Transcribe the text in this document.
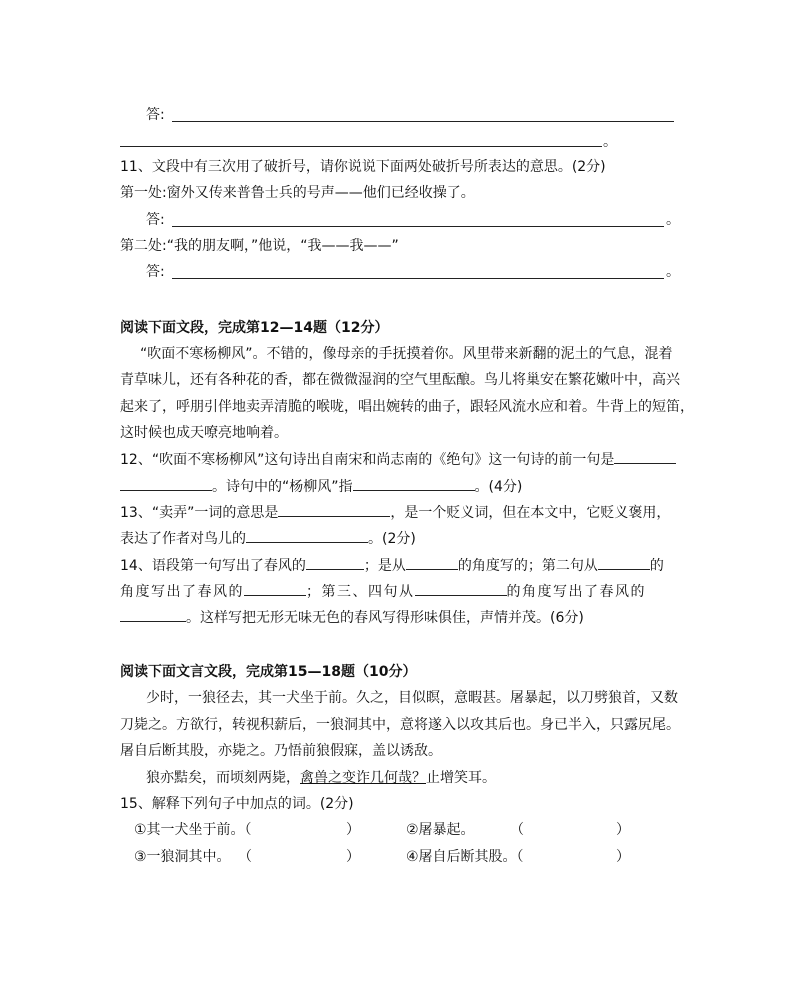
答:
。
11、文段中有三次用了破折号，请你说说下面两处破折号所表达的意思。(2分)
第一处:窗外又传来普鲁士兵的号声——他们已经收操了。
答:	。
第二处:“我的朋友啊，”他说，“我——我——”
答:	。
阅读下面文段，完成第12—14题（12分）
“吹面不寒杨柳风”。不错的，像母亲的手抚摸着你。风里带来新翻的泥土的气息，混着
青草味儿，还有各种花的香，都在微微湿润的空气里酝酿。鸟儿将巢安在繁花嫩叶中，高兴
起来了，呼朋引伴地卖弄清脆的喉咙，唱出婉转的曲子，跟轻风流水应和着。牛背上的短笛，
这时候也成天嘹亮地响着。
12、“吹面不寒杨柳风”这句诗出自南宋和尚志南的《绝句》这一句诗的前一句是
。诗句中的“杨柳风”指	。(4分)
13、“卖弄”一词的意思是	，是一个贬义词，但在本文中，它贬义褒用，
表达了作者对鸟儿的	。(2分)
14、语段第一句写出了春风的	；是从	的角度写的；第二句从	的
角度写出了春风的	；第三、四句从	的角度写出了春风的
。这样写把无形无味无色的春风写得形味俱佳，声情并茂。(6分)
阅读下面文言文段，完成第15—18题（10分）
少时，一狼径去，其一犬坐于前。久之，目似瞑，意暇甚。屠暴起，以刀劈狼首，又数
刀毙之。方欲行，转视积薪后，一狼洞其中，意将遂入以攻其后也。身已半入，只露尻尾。
屠自后断其股，亦毙之。乃悟前狼假寐，盖以诱敌。
狼亦黠矣，而顷刻两毙，禽兽之变诈几何哉？止增笑耳。
15、解释下列句子中加点的词。(2分)
①其一犬坐于前。（	）	②屠暴起。	（	）
③一狼洞其中。 （	）	④屠自后断其股。（	）
